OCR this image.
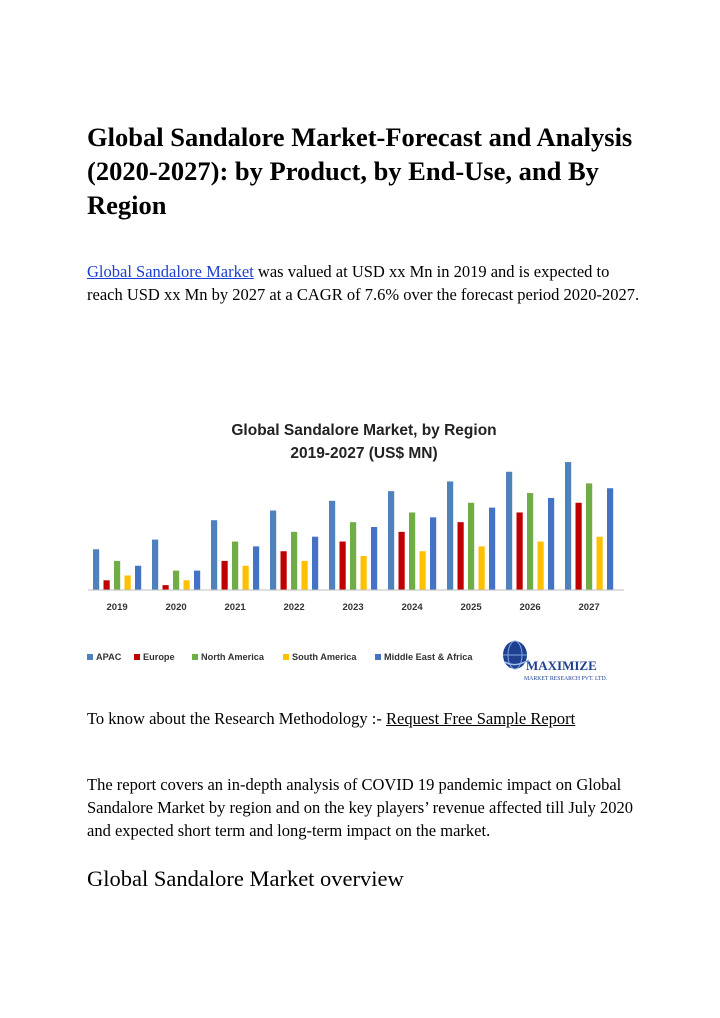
Global Sandalore Market-Forecast and Analysis (2020-2027): by Product, by End-Use, and By Region

Global Sandalore Market was valued at USD xx Mn in 2019 and is expected to reach USD xx Mn by 2027 at a CAGR of 7.6% over the forecast period 2020-2027.

Global Sandalore Market, by Region
2019-2027 (US$ MN)
2019	2020	2021	2022	2023	2024	2025	2026	2027
APAC Europe	North America	South America	Middle East & Africa
MAXIMIZE
MARKET RESEARCH PVT. LTD.

To know about the Research Methodology :- Request Free Sample Report

The report covers an in-depth analysis of COVID 19 pandemic impact on Global Sandalore Market by region and on the key players’ revenue affected till July 2020 and expected short term and long-term impact on the market.

Global Sandalore Market overview
